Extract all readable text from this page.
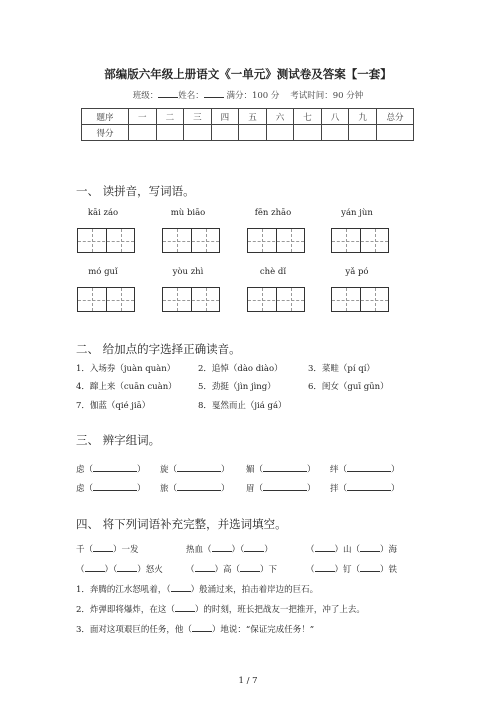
部编版六年级上册语文《一单元》测试卷及答案【一套】
班级： 姓名：	满分：100 分 考试时间：90 分钟
题序	一	二	三	四	五	六	七	八	九	总分
得分										
一、 读拼音，写词语。
kāi záo	mù biāo	fēn zhāo	yán jùn
mó guǐ	yòu zhì	chè dǐ	yǎ pó
二、 给加点的字选择正确读音。
1．入场券（juàn quàn）	2．追悼（dào diào）	3．菜畦（pí qí）
4．蹿上来（cuān cuàn）	5．劲挺（jìn jìng）	6．闺女（guī gūn）
7．伽蓝（qié jiā）	8．戛然而止（jiá gá）
三、 辨字组词。
虑（	） 旋（	） 媚（	） 绊（	）
虑（	） 旅（	） 眉（	） 拌（	）
四、 将下列词语补充完整，并选词填空。
千（ ）一发	热血（ ）（ ）	（ ）山（ ）海
（ ）（ ）怒火	（ ）高（ ）下	（ ）钉（ ）铁
1．奔腾的江水怒吼着，（ ）般涌过来，拍击着岸边的巨石。
2．炸弹即将爆炸，在这（ ）的时刻，班长把战友一把推开，冲了上去。
3．面对这项艰巨的任务，他（ ）地说：“保证完成任务！”
1 / 7
